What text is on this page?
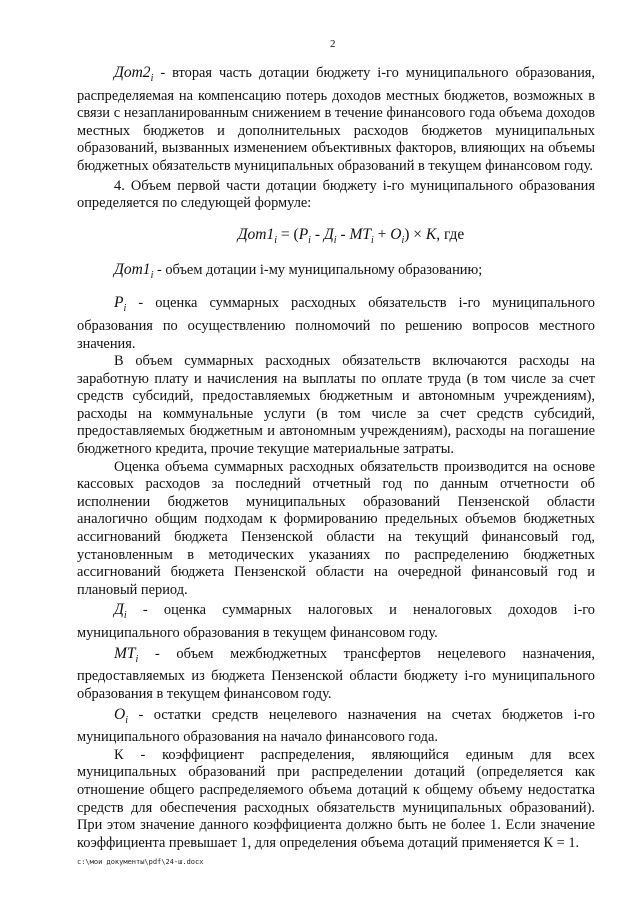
2

$Дот2_i$ - вторая часть дотации бюджету i-го муниципального образования, распределяемая на компенсацию потерь доходов местных бюджетов, возможных в связи с незапланированным снижением в течение финансового года объема доходов местных бюджетов и дополнительных расходов бюджетов муниципальных образований, вызванных изменением объективных факторов, влияющих на объемы бюджетных обязательств муниципальных образований в текущем финансовом году.

4. Объем первой части дотации бюджету i-го муниципального образования определяется по следующей формуле:

$Дот1_i = (Р_i - Д_i - МТ_i + О_i) \times К$, где

$Дот1_i$ - объем дотации i-му муниципальному образованию;

$Р_i$ - оценка суммарных расходных обязательств i-го муниципального образования по осуществлению полномочий по решению вопросов местного значения.

В объем суммарных расходных обязательств включаются расходы на заработную плату и начисления на выплаты по оплате труда (в том числе за счет средств субсидий, предоставляемых бюджетным и автономным учреждениям), расходы на коммунальные услуги (в том числе за счет средств субсидий, предоставляемых бюджетным и автономным учреждениям), расходы на погашение бюджетного кредита, прочие текущие материальные затраты.

Оценка объема суммарных расходных обязательств производится на основе кассовых расходов за последний отчетный год по данным отчетности об исполнении бюджетов муниципальных образований Пензенской области аналогично общим подходам к формированию предельных объемов бюджетных ассигнований бюджета Пензенской области на текущий финансовый год, установленным в методических указаниях по распределению бюджетных ассигнований бюджета Пензенской области на очередной финансовый год и плановый период.

$Д_i$ - оценка суммарных налоговых и неналоговых доходов i-го муниципального образования в текущем финансовом году.

$МТ_i$ - объем межбюджетных трансфертов нецелевого назначения, предоставляемых из бюджета Пензенской области бюджету i-го муниципального образования в текущем финансовом году.

$О_i$ - остатки средств нецелевого назначения на счетах бюджетов i-го муниципального образования на начало финансового года.

К - коэффициент распределения, являющийся единым для всех муниципальных образований при распределении дотаций (определяется как отношение общего распределяемого объема дотаций к общему объему недостатка средств для обеспечения расходных обязательств муниципальных образований). При этом значение данного коэффициента должно быть не более 1. Если значение коэффициента превышает 1, для определения объема дотаций применяется К = 1.

c:\мои документы\pdf\24-ш.docx
